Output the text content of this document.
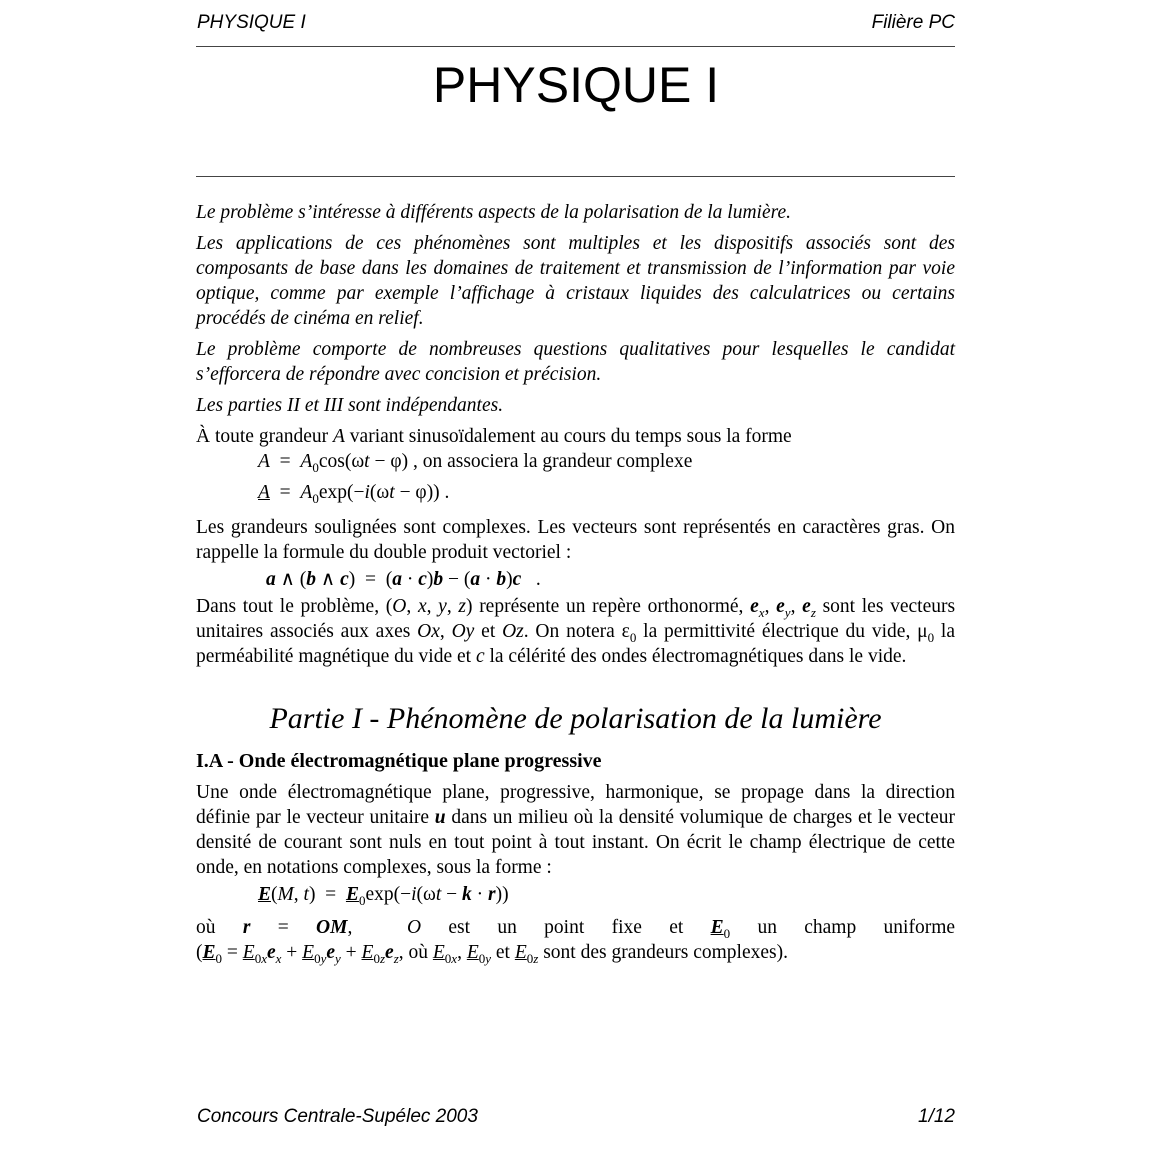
PHYSIQUE I	Filière PC
PHYSIQUE I

Le problème s’intéresse à différents aspects de la polarisation de la lumière.

Les applications de ces phénomènes sont multiples et les dispositifs associés sont des composants de base dans les domaines de traitement et transmission de l’information par voie optique, comme par exemple l’affichage à cristaux liquides des calculatrices ou certains procédés de cinéma en relief.

Le problème comporte de nombreuses questions qualitatives pour lesquelles le candidat s’efforcera de répondre avec concision et précision.

Les parties II et III sont indépendantes.

À toute grandeur A variant sinusoïdalement au cours du temps sous la forme

$A = A_0\cos(\omega t - \varphi)$ , on associera la grandeur complexe
$A = A_0\exp(-i(\omega t - \varphi))$ .

Les grandeurs soulignées sont complexes. Les vecteurs sont représentés en caractères gras. On rappelle la formule du double produit vectoriel :

a ∧ (b ∧ c)  =  (a · c)b − (a · b)c   .

Dans tout le problème, (O, x, y, z) représente un repère orthonormé, $e_x$, $e_y$, $e_z$ sont les vecteurs unitaires associés aux axes Ox, Oy et Oz. On notera $\varepsilon_0$ la permittivité électrique du vide, $\mu_0$ la perméabilité magnétique du vide et c la célérité des ondes électromagnétiques dans le vide.

Partie I - Phénomène de polarisation de la lumière
I.A - Onde électromagnétique plane progressive

Une onde électromagnétique plane, progressive, harmonique, se propage dans la direction définie par le vecteur unitaire u dans un milieu où la densité volumique de charges et le vecteur densité de courant sont nuls en tout point à tout instant. On écrit le champ électrique de cette onde, en notations complexes, sous la forme :

E(M, $t) = E_0\exp(-i(\omega t - k \cdot r))$

où r = OM,  O est un point fixe et $E_0$ un champ uniforme

($E_0 = E_{0x}e_x + E_{0y}e_y + E_{0z}e_z$, où $E_{0x}$, $E_{0y}$ et $E_{0z}$ sont des grandeurs complexes).

Concours Centrale-Supélec 2003	1/12
